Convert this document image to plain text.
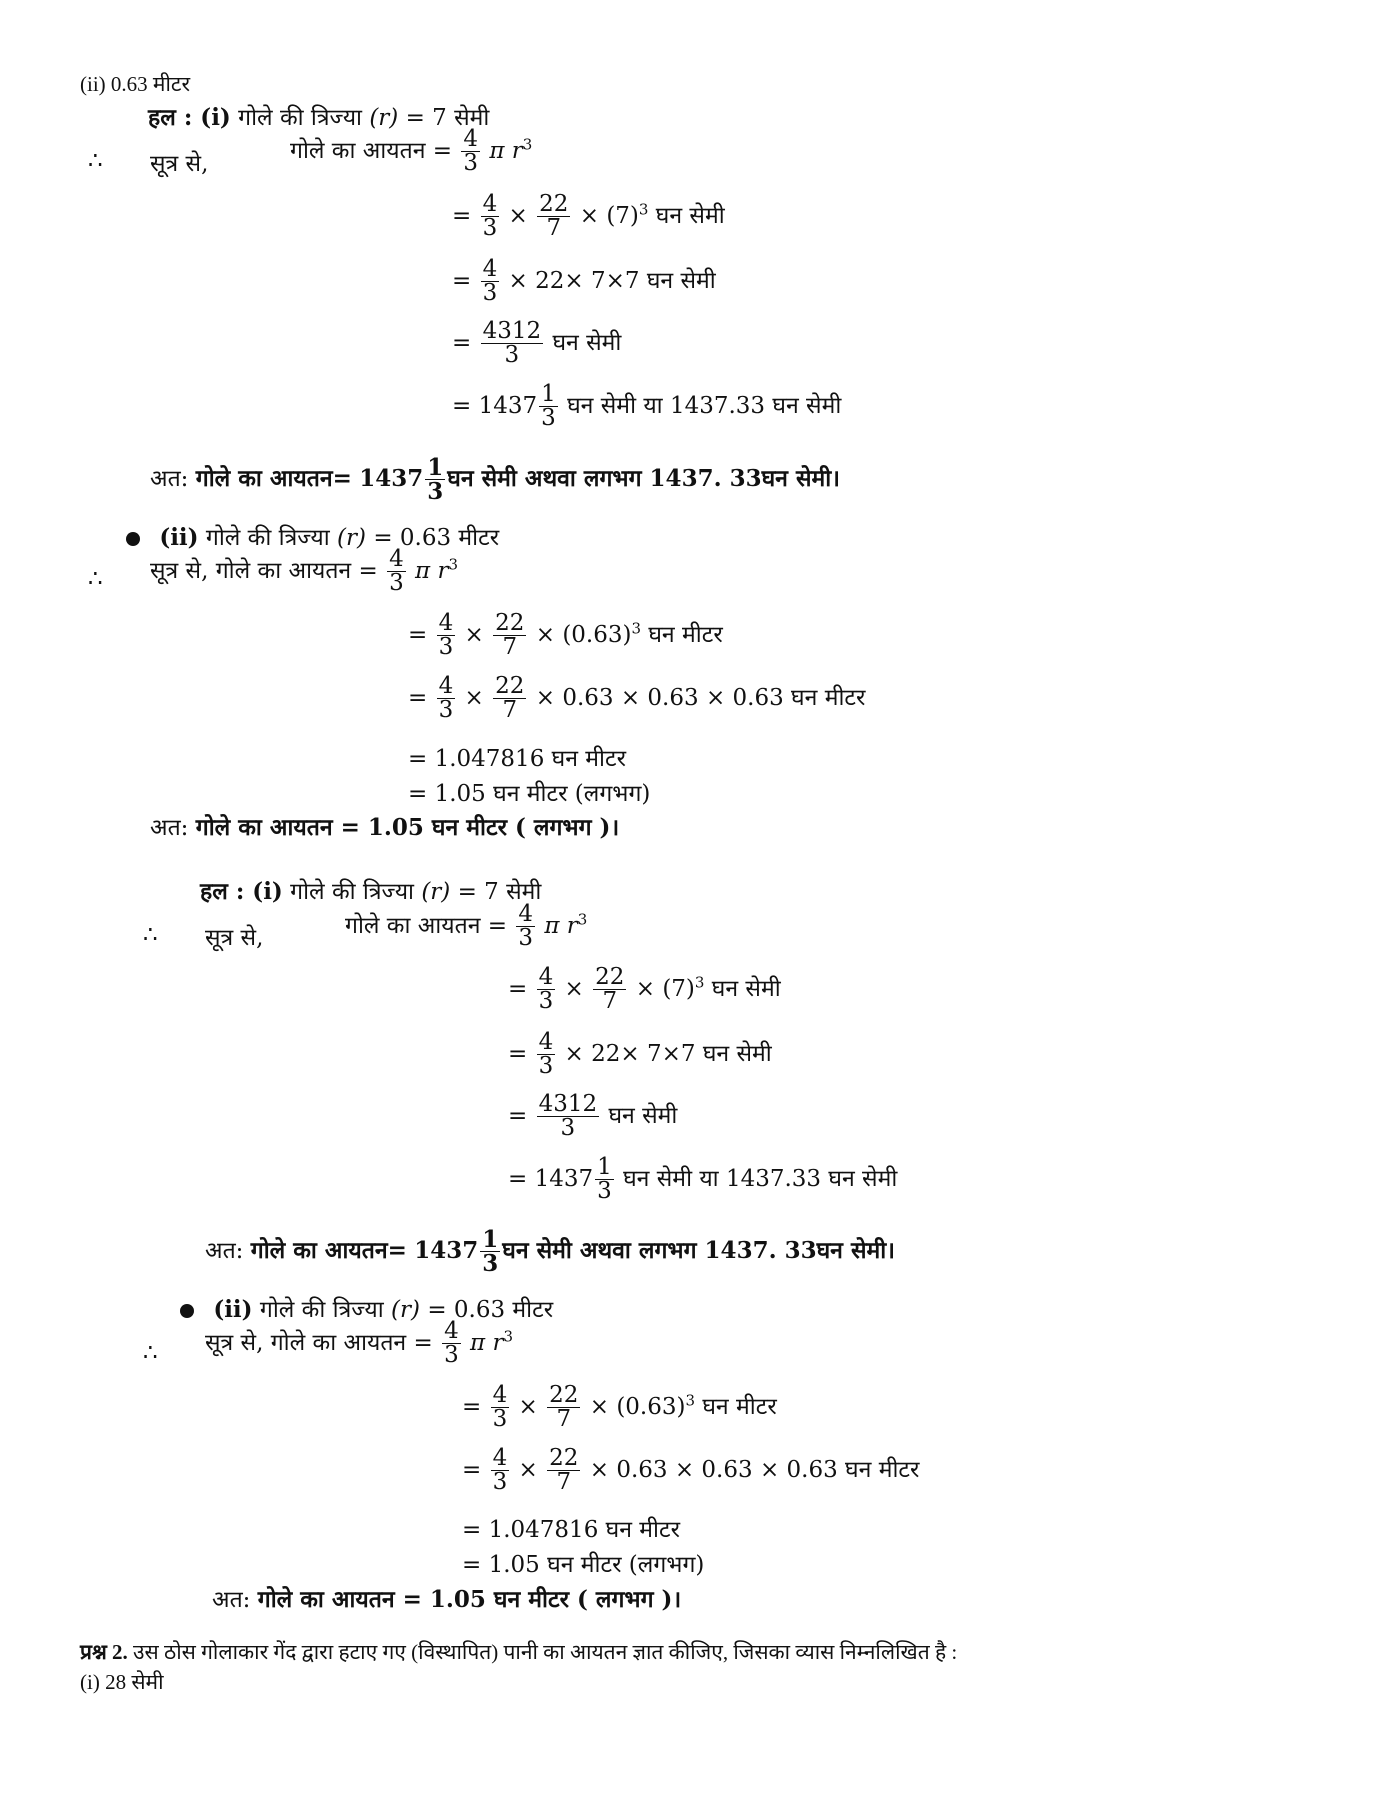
(ii) 0.63 मीटर
हल : (i) गोले की त्रिज्या (r) = 7 सेमी
∴ सूत्र से,
गोले का आयतन = $\frac{4}{3}$ π $r^3$
= $\frac{4}{3} \times \frac{22}{7} \times (7)^3$ घन सेमी
= $\frac{4}{3} \times 22\times 7\times 7$ घन सेमी
= $\frac{4312}{3}$ घन सेमी
= $1437 \frac{1}{3}$ घन सेमी या 1437.33 घन सेमी
अत: गोले का आयतन= $1437 \frac{1}{3}$ घन सेमी अथवा लगभग 1437. 33घन सेमी।
(ii) गोले की त्रिज्या (r) = 0.63 मीटर
∴ सूत्र से, गोले का आयतन = $\frac{4}{3}$ π $r^3$
= $\frac{4}{3} \times \frac{22}{7} \times (0.63)^3$ घन मीटर
= $\frac{4}{3} \times \frac{22}{7} \times 0.63 \times 0.63 \times 0.63$ घन मीटर
= 1.047816 घन मीटर
= 1.05 घन मीटर (लगभग)
अत: गोले का आयतन = 1.05 घन मीटर ( लगभग )।
हल : (i) गोले की त्रिज्या (r) = 7 सेमी
∴ सूत्र से,	गोले का आयतन = $\frac{4}{3}$ π $r^3$
= $\frac{4}{3} \times \frac{22}{7} \times (7)^3$ घन सेमी
= $\frac{4}{3} \times 22\times 7\times 7$ घन सेमी
= $\frac{4312}{3}$ घन सेमी
= $1437 \frac{1}{3}$ घन सेमी या 1437.33 घन सेमी
अत: गोले का आयतन= $1437 \frac{1}{3}$ घन सेमी अथवा लगभग 1437. 33घन सेमी।
(ii) गोले की त्रिज्या (r) = 0.63 मीटर
∴ सूत्र से, गोले का आयतन = $\frac{4}{3}$ π $r^3$
= $\frac{4}{3} \times \frac{22}{7} \times (0.63)^3$ घन मीटर
= $\frac{4}{3} \times \frac{22}{7} \times 0.63 \times 0.63 \times 0.63$ घन मीटर
= 1.047816 घन मीटर
= 1.05 घन मीटर (लगभग)
अत: गोले का आयतन = 1.05 घन मीटर ( लगभग )।
प्रश्न 2. उस ठोस गोलाकार गेंद द्वारा हटाए गए (विस्थापित) पानी का आयतन ज्ञात कीजिए, जिसका व्यास निम्नलिखित है :
(i) 28 सेमी
